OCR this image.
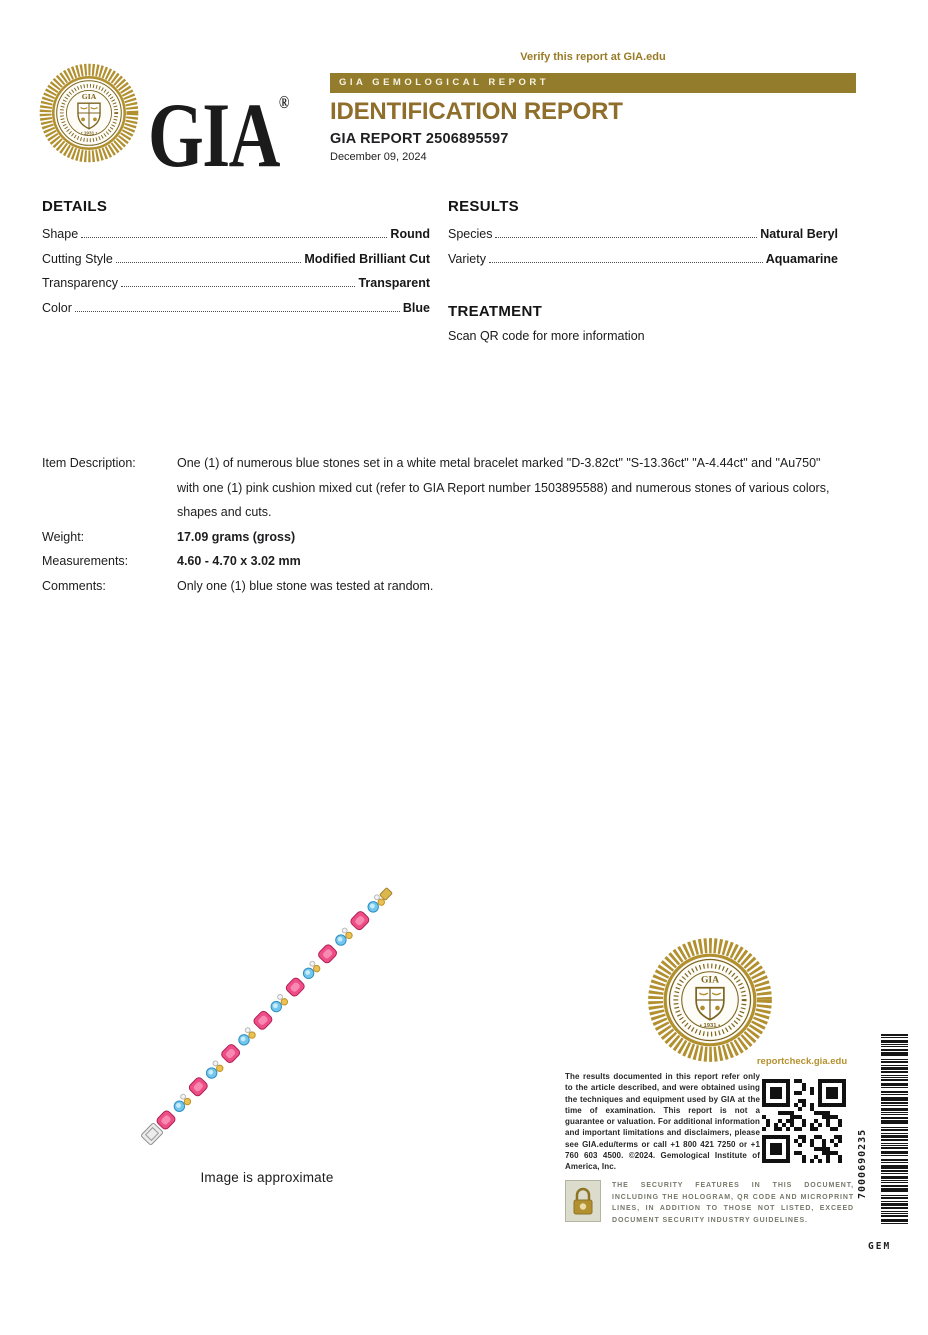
GIA®
Verify this report at GIA.edu
GIA GEMOLOGICAL REPORT
IDENTIFICATION REPORT
GIA REPORT 2506895597
December 09, 2024
DETAILS
Shape	Round
Cutting Style	Modified Brilliant Cut
Transparency	Transparent
Color	Blue
RESULTS
Species	Natural Beryl
Variety	Aquamarine
TREATMENT
Scan QR code for more information
Item Description:	One (1) of numerous blue stones set in a white metal bracelet marked "D-3.82ct" "S-13.36ct" "A-4.44ct" and "Au750" with one (1) pink cushion mixed cut (refer to GIA Report number 1503895588) and numerous stones of various colors, shapes and cuts.
Weight:	17.09 grams (gross)
Measurements:	4.60 - 4.70 x 3.02 mm
Comments:	Only one (1) blue stone was tested at random.
Image is approximate
reportcheck.gia.edu
The results documented in this report refer only to the article described, and were obtained using the techniques and equipment used by GIA at the time of examination. This report is not a guarantee or valuation. For additional information and important limitations and disclaimers, please see GIA.edu/terms or call +1 800 421 7250 or +1 760 603 4500. ©2024. Gemological Institute of America, Inc.	7000690235
THE SECURITY FEATURES IN THIS DOCUMENT, INCLUDING THE HOLOGRAM, QR CODE AND MICROPRINT LINES, IN ADDITION TO THOSE NOT LISTED, EXCEED DOCUMENT SECURITY INDUSTRY GUIDELINES.
GEM
